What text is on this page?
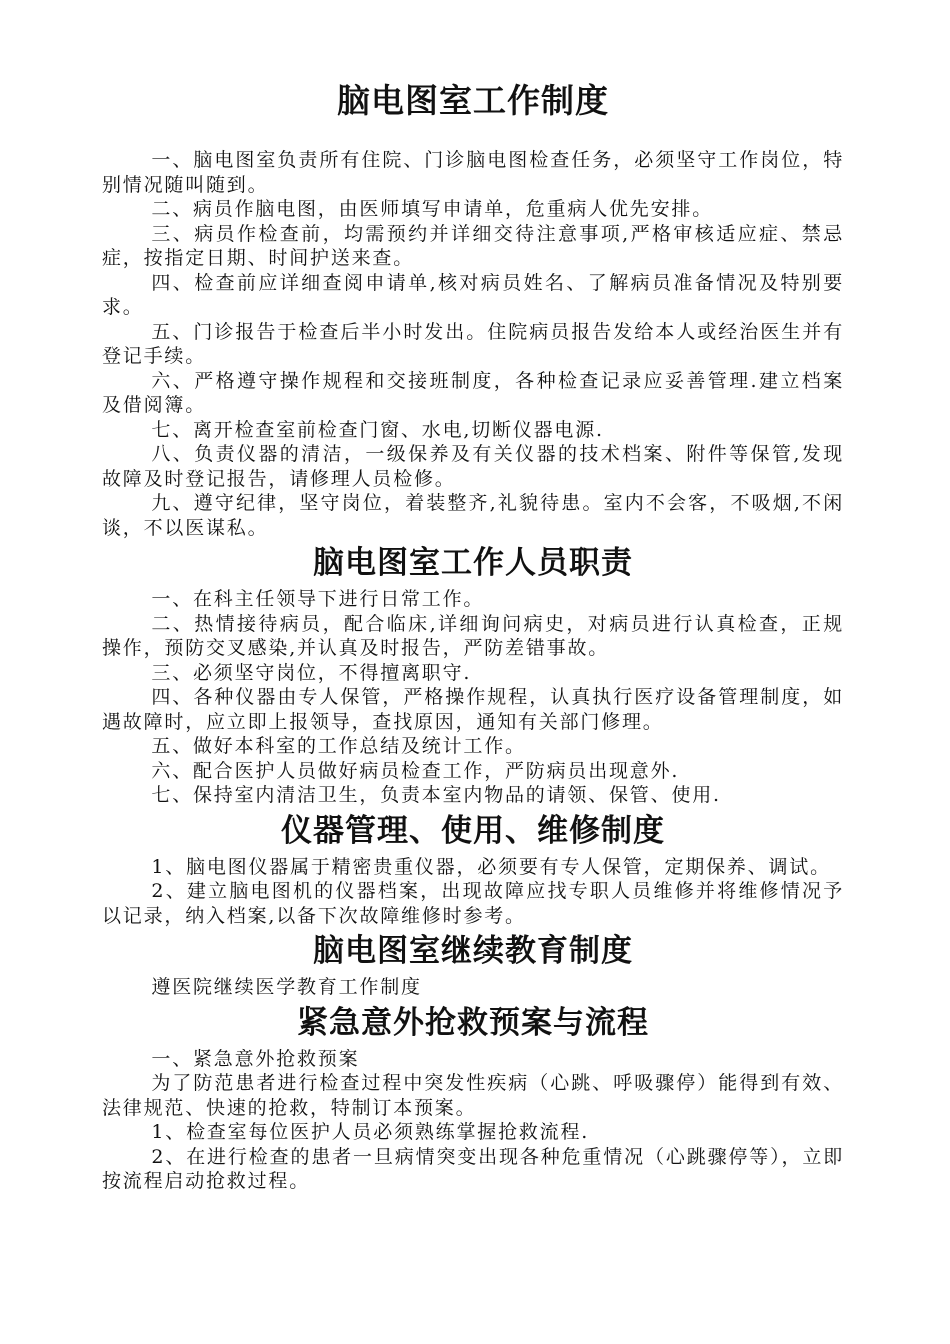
脑电图室工作制度

一、脑电图室负责所有住院、门诊脑电图检查任务，必须坚守工作岗位，特别情况随叫随到。

二、病员作脑电图，由医师填写申请单，危重病人优先安排。

三、病员作检查前，均需预约并详细交待注意事项,严格审核适应症、禁忌症，按指定日期、时间护送来查。

四、检查前应详细查阅申请单,核对病员姓名、了解病员准备情况及特别要求。

五、门诊报告于检查后半小时发出。住院病员报告发给本人或经治医生并有登记手续。

六、严格遵守操作规程和交接班制度，各种检查记录应妥善管理.建立档案及借阅簿。

七、离开检查室前检查门窗、水电,切断仪器电源.

八、负责仪器的清洁，一级保养及有关仪器的技术档案、附件等保管,发现故障及时登记报告，请修理人员检修。

九、遵守纪律，坚守岗位，着装整齐,礼貌待患。室内不会客，不吸烟,不闲谈，不以医谋私。

脑电图室工作人员职责

一、在科主任领导下进行日常工作。

二、热情接待病员，配合临床,详细询问病史，对病员进行认真检查，正规操作，预防交叉感染,并认真及时报告，严防差错事故。

三、必须坚守岗位，不得擅离职守.

四、各种仪器由专人保管，严格操作规程，认真执行医疗设备管理制度，如遇故障时，应立即上报领导，查找原因，通知有关部门修理。

五、做好本科室的工作总结及统计工作。

六、配合医护人员做好病员检查工作，严防病员出现意外.

七、保持室内清洁卫生，负责本室内物品的请领、保管、使用.

仪器管理、使用、维修制度

1、脑电图仪器属于精密贵重仪器，必须要有专人保管，定期保养、调试。

2、建立脑电图机的仪器档案，出现故障应找专职人员维修并将维修情况予以记录，纳入档案,以备下次故障维修时参考。

脑电图室继续教育制度

遵医院继续医学教育工作制度

紧急意外抢救预案与流程

一、紧急意外抢救预案

为了防范患者进行检查过程中突发性疾病（心跳、呼吸骤停）能得到有效、法律规范、快速的抢救，特制订本预案。

1、检查室每位医护人员必须熟练掌握抢救流程.

2、在进行检查的患者一旦病情突变出现各种危重情况（心跳骤停等），立即按流程启动抢救过程。
